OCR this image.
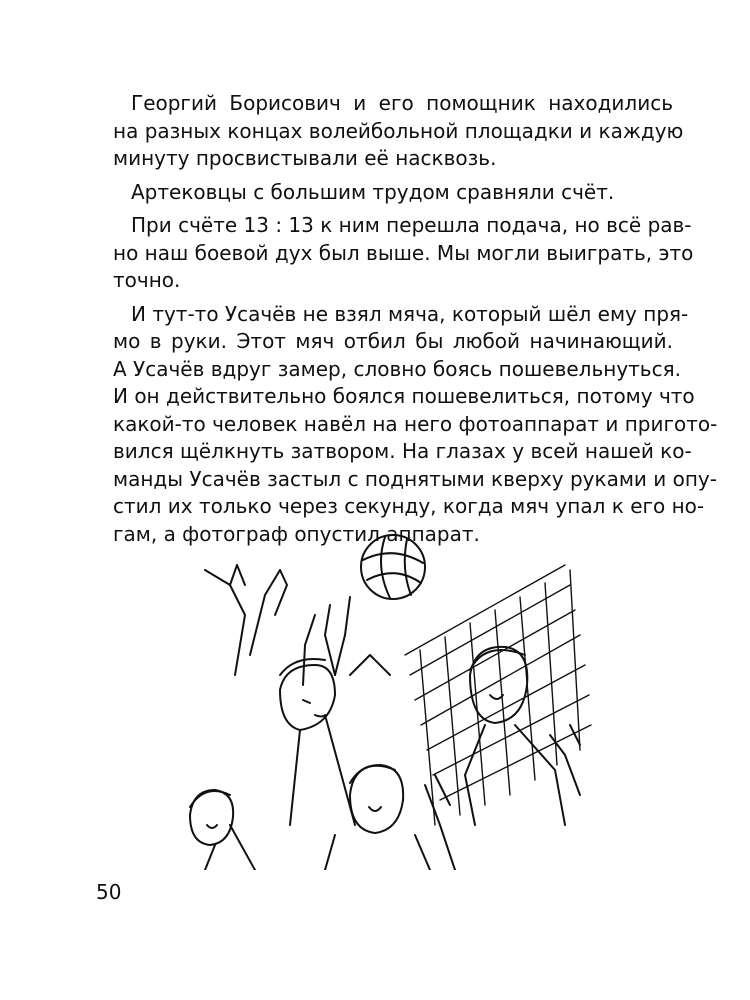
Георгий Борисович и его помощник находились
на разных концах волейбольной площадки и каждую
минуту просвистывали её насквозь.

Артековцы с большим трудом сравняли счёт.

При счёте 13 : 13 к ним перешла подача, но всё рав-
но наш боевой дух был выше. Мы могли выиграть, это
точно.

И тут-то Усачёв не взял мяча, который шёл ему пря-
мо в руки. Этот мяч отбил бы любой начинающий.
А Усачёв вдруг замер, словно боясь пошевельнуться.
И он действительно боялся пошевелиться, потому что
какой-то человек навёл на него фотоаппарат и пригото-
вился щёлкнуть затвором. На глазах у всей нашей ко-
манды Усачёв застыл с поднятыми кверху руками и опу-
стил их только через секунду, когда мяч упал к его но-
гам, а фотограф опустил аппарат.

50
